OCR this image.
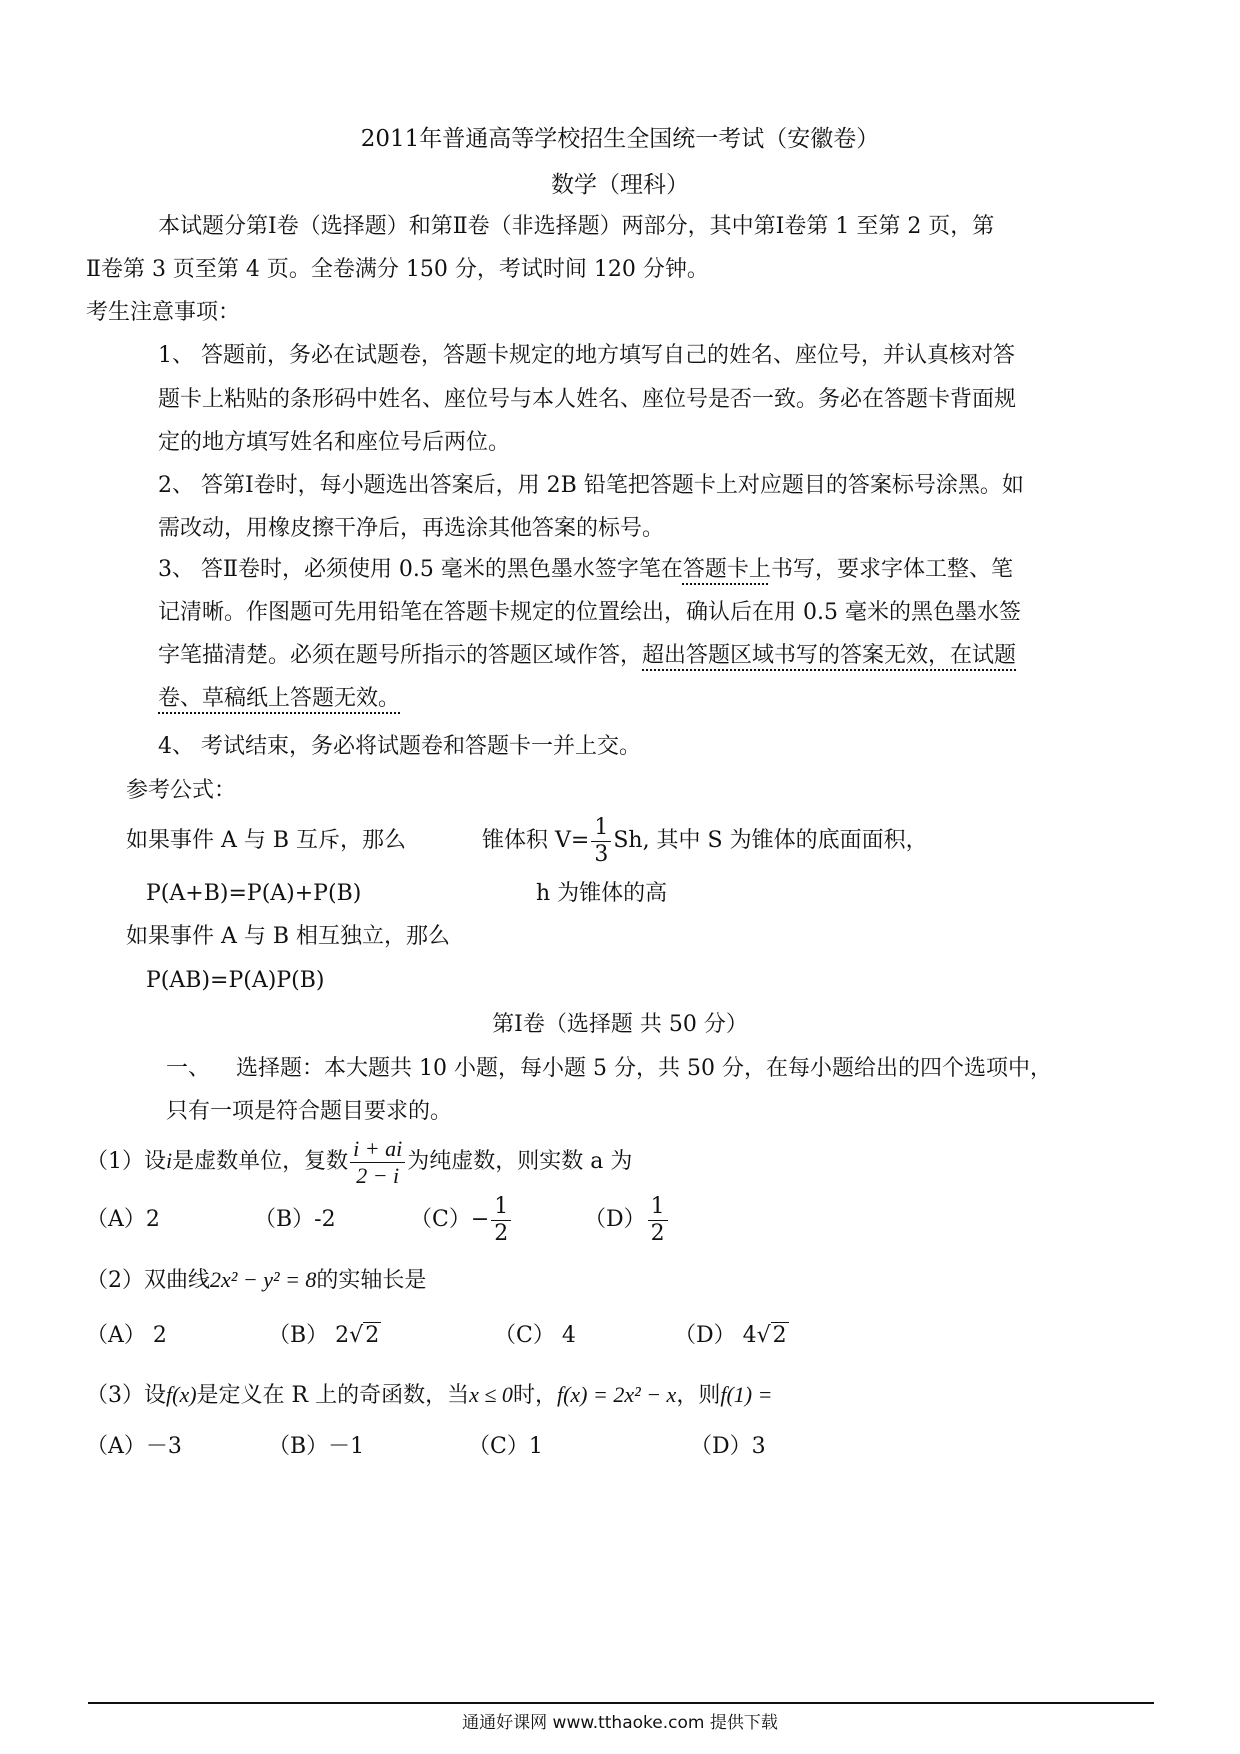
2011年普通高等学校招生全国统一考试（安徽卷）
数学（理科）
本试题分第Ⅰ卷（选择题）和第Ⅱ卷（非选择题）两部分，其中第Ⅰ卷第 1 至第 2 页，第
Ⅱ卷第 3 页至第 4 页。全卷满分 150 分，考试时间 120 分钟。
考生注意事项：
1、 答题前，务必在试题卷，答题卡规定的地方填写自己的姓名、座位号，并认真核对答
题卡上粘贴的条形码中姓名、座位号与本人姓名、座位号是否一致。务必在答题卡背面规
定的地方填写姓名和座位号后两位。
2、 答第Ⅰ卷时，每小题选出答案后，用 2B 铅笔把答题卡上对应题目的答案标号涂黑。如
需改动，用橡皮擦干净后，再选涂其他答案的标号。
3、 答Ⅱ卷时，必须使用 0.5 毫米的黑色墨水签字笔在答题卡上书写，要求字体工整、笔
记清晰。作图题可先用铅笔在答题卡规定的位置绘出，确认后在用 0.5 毫米的黑色墨水签
字笔描清楚。必须在题号所指示的答题区域作答，超出答题区域书写的答案无效，在试题
卷、草稿纸上答题无效。
4、 考试结束，务必将试题卷和答题卡一并上交。
参考公式：
如果事件 A 与 B 互斥，那么	锥体积 $V= \frac{1}{3} Sh$, 其中 S 为锥体的底面面积，
P(A+B)=P(A)+P(B)	h 为锥体的高
如果事件 A 与 B 相互独立，那么
P(AB)=P(A)P(B)
第Ⅰ卷（选择题 共 50 分）
一、 选择题：本大题共 10 小题，每小题 5 分，共 50 分，在每小题给出的四个选项中，
只有一项是符合题目要求的。
（1）设i是虚数单位，复数 $\frac{i + ai}{2 - i}$ 为纯虚数，则实数 a 为
（A）2	（B）-2	$(C)- \frac{1}{2}$	$(D) \frac{1}{2}$
（2）双曲线2x² − y² = 8的实轴长是
（A） 2	（B） 2√2	（C） 4	（D） 4√2
（3）设f(x)是定义在 R 上的奇函数，当x ≤ 0时，f(x) = 2x² − x，则f(1) =
（A）－3	（B）－1	（C）1	（D）3
通通好课网 www.tthaoke.com 提供下载
